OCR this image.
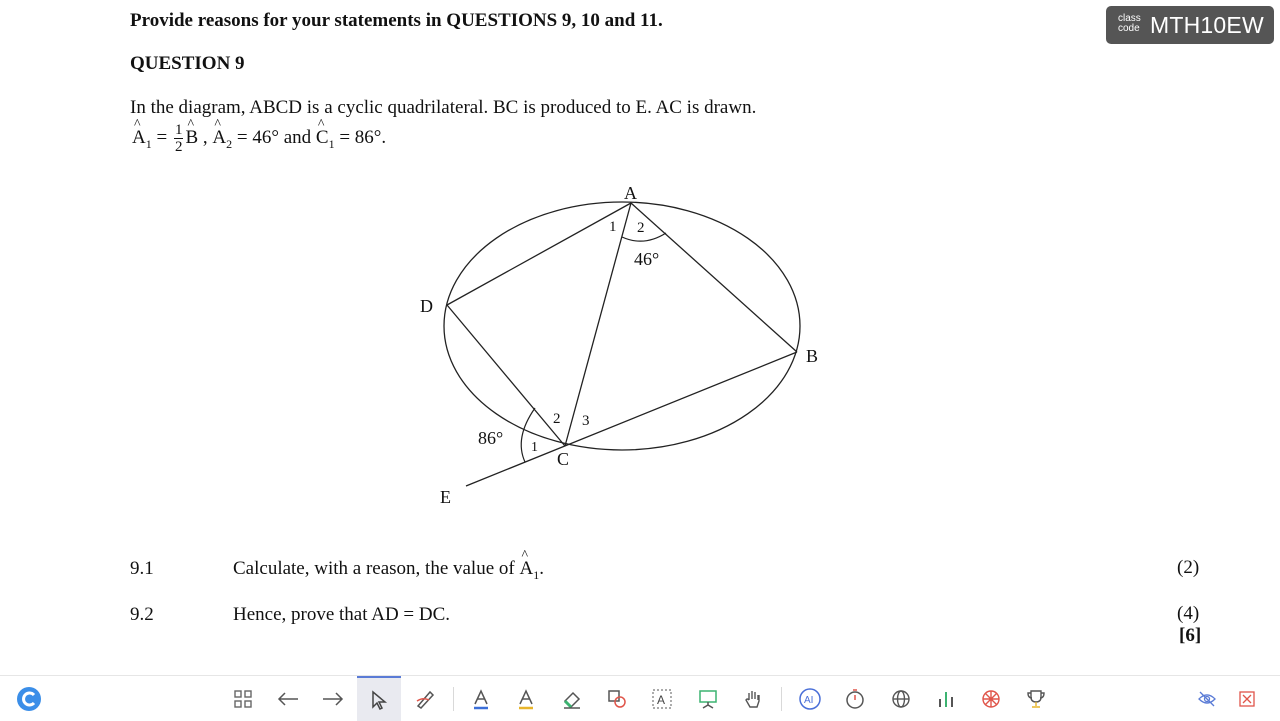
Provide reasons for your statements in QUESTIONS 9, 10 and 11.
QUESTION 9
In the diagram, ABCD is a cyclic quadrilateral. BC is produced to E. AC is drawn.
^ $A_1 = \frac{1}{2}$
^ B , ^ $A_2 = 46^\circ$ and ^ $C_1 = 86^\circ$.
A
B
C
D
E
1 2
46°
2 3
1
86°
9.1	Calculate, with a reason, the value of ^ $A_1$.	(2)
9.2	Hence, prove that AD = DC.	(4)
[6]
class
code MTH10EW
A	AI
